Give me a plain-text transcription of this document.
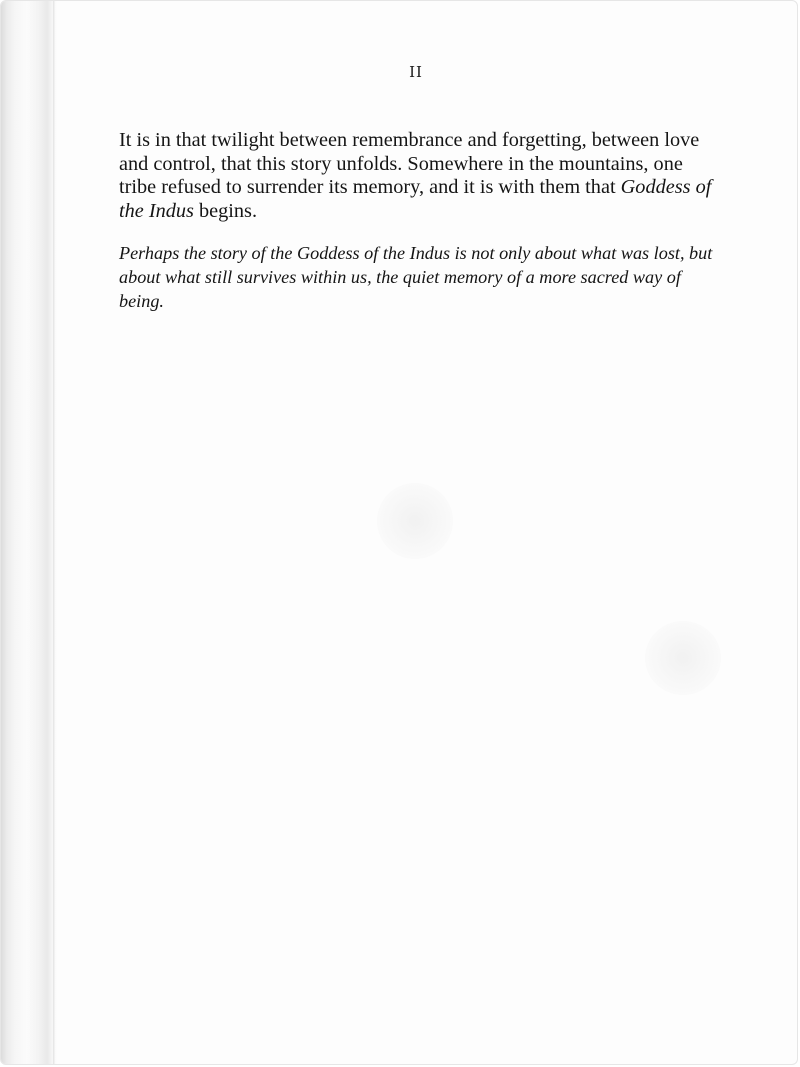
II

It is in that twilight between remembrance and forgetting, between love and control, that this story unfolds. Somewhere in the mountains, one tribe refused to surrender its memory, and it is with them that Goddess of the Indus begins.

Perhaps the story of the Goddess of the Indus is not only about what was lost, but about what still survives within us, the quiet memory of a more sacred way of being.
